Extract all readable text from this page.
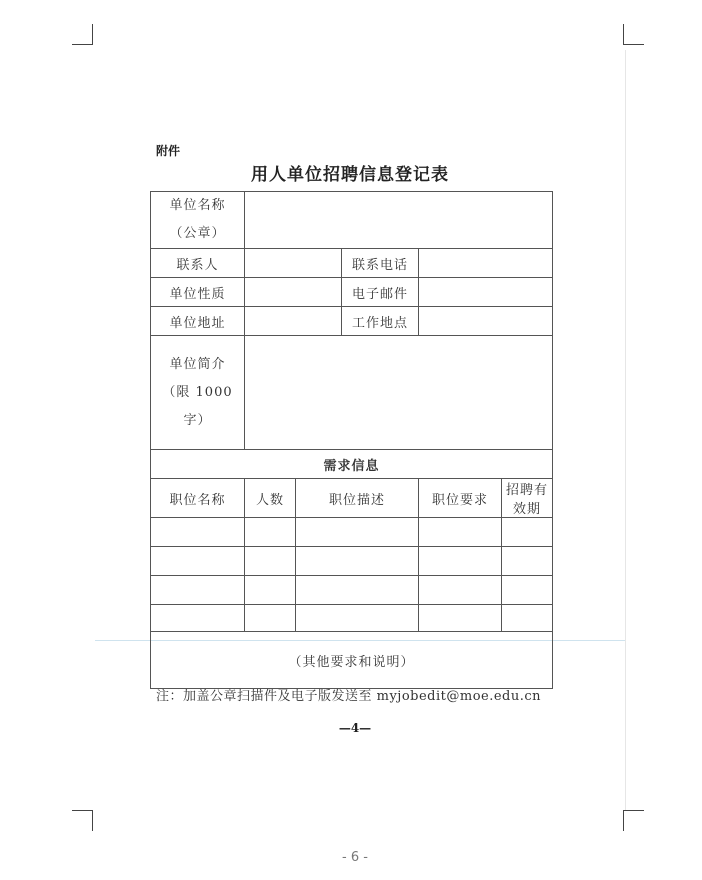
附件
用人单位招聘信息登记表
单位名称
（公章）					

联系人			联系电话		
单位性质			电子邮件		
单位地址			工作地点		

单位简介
（限 1000 字）					

需求信息					
职位名称	人数	职位描述		职位要求	招聘有效期

（其他要求和说明）					
注：加盖公章扫描件及电子版发送至 myjobedit@moe.edu.cn
—4—
- 6 -
